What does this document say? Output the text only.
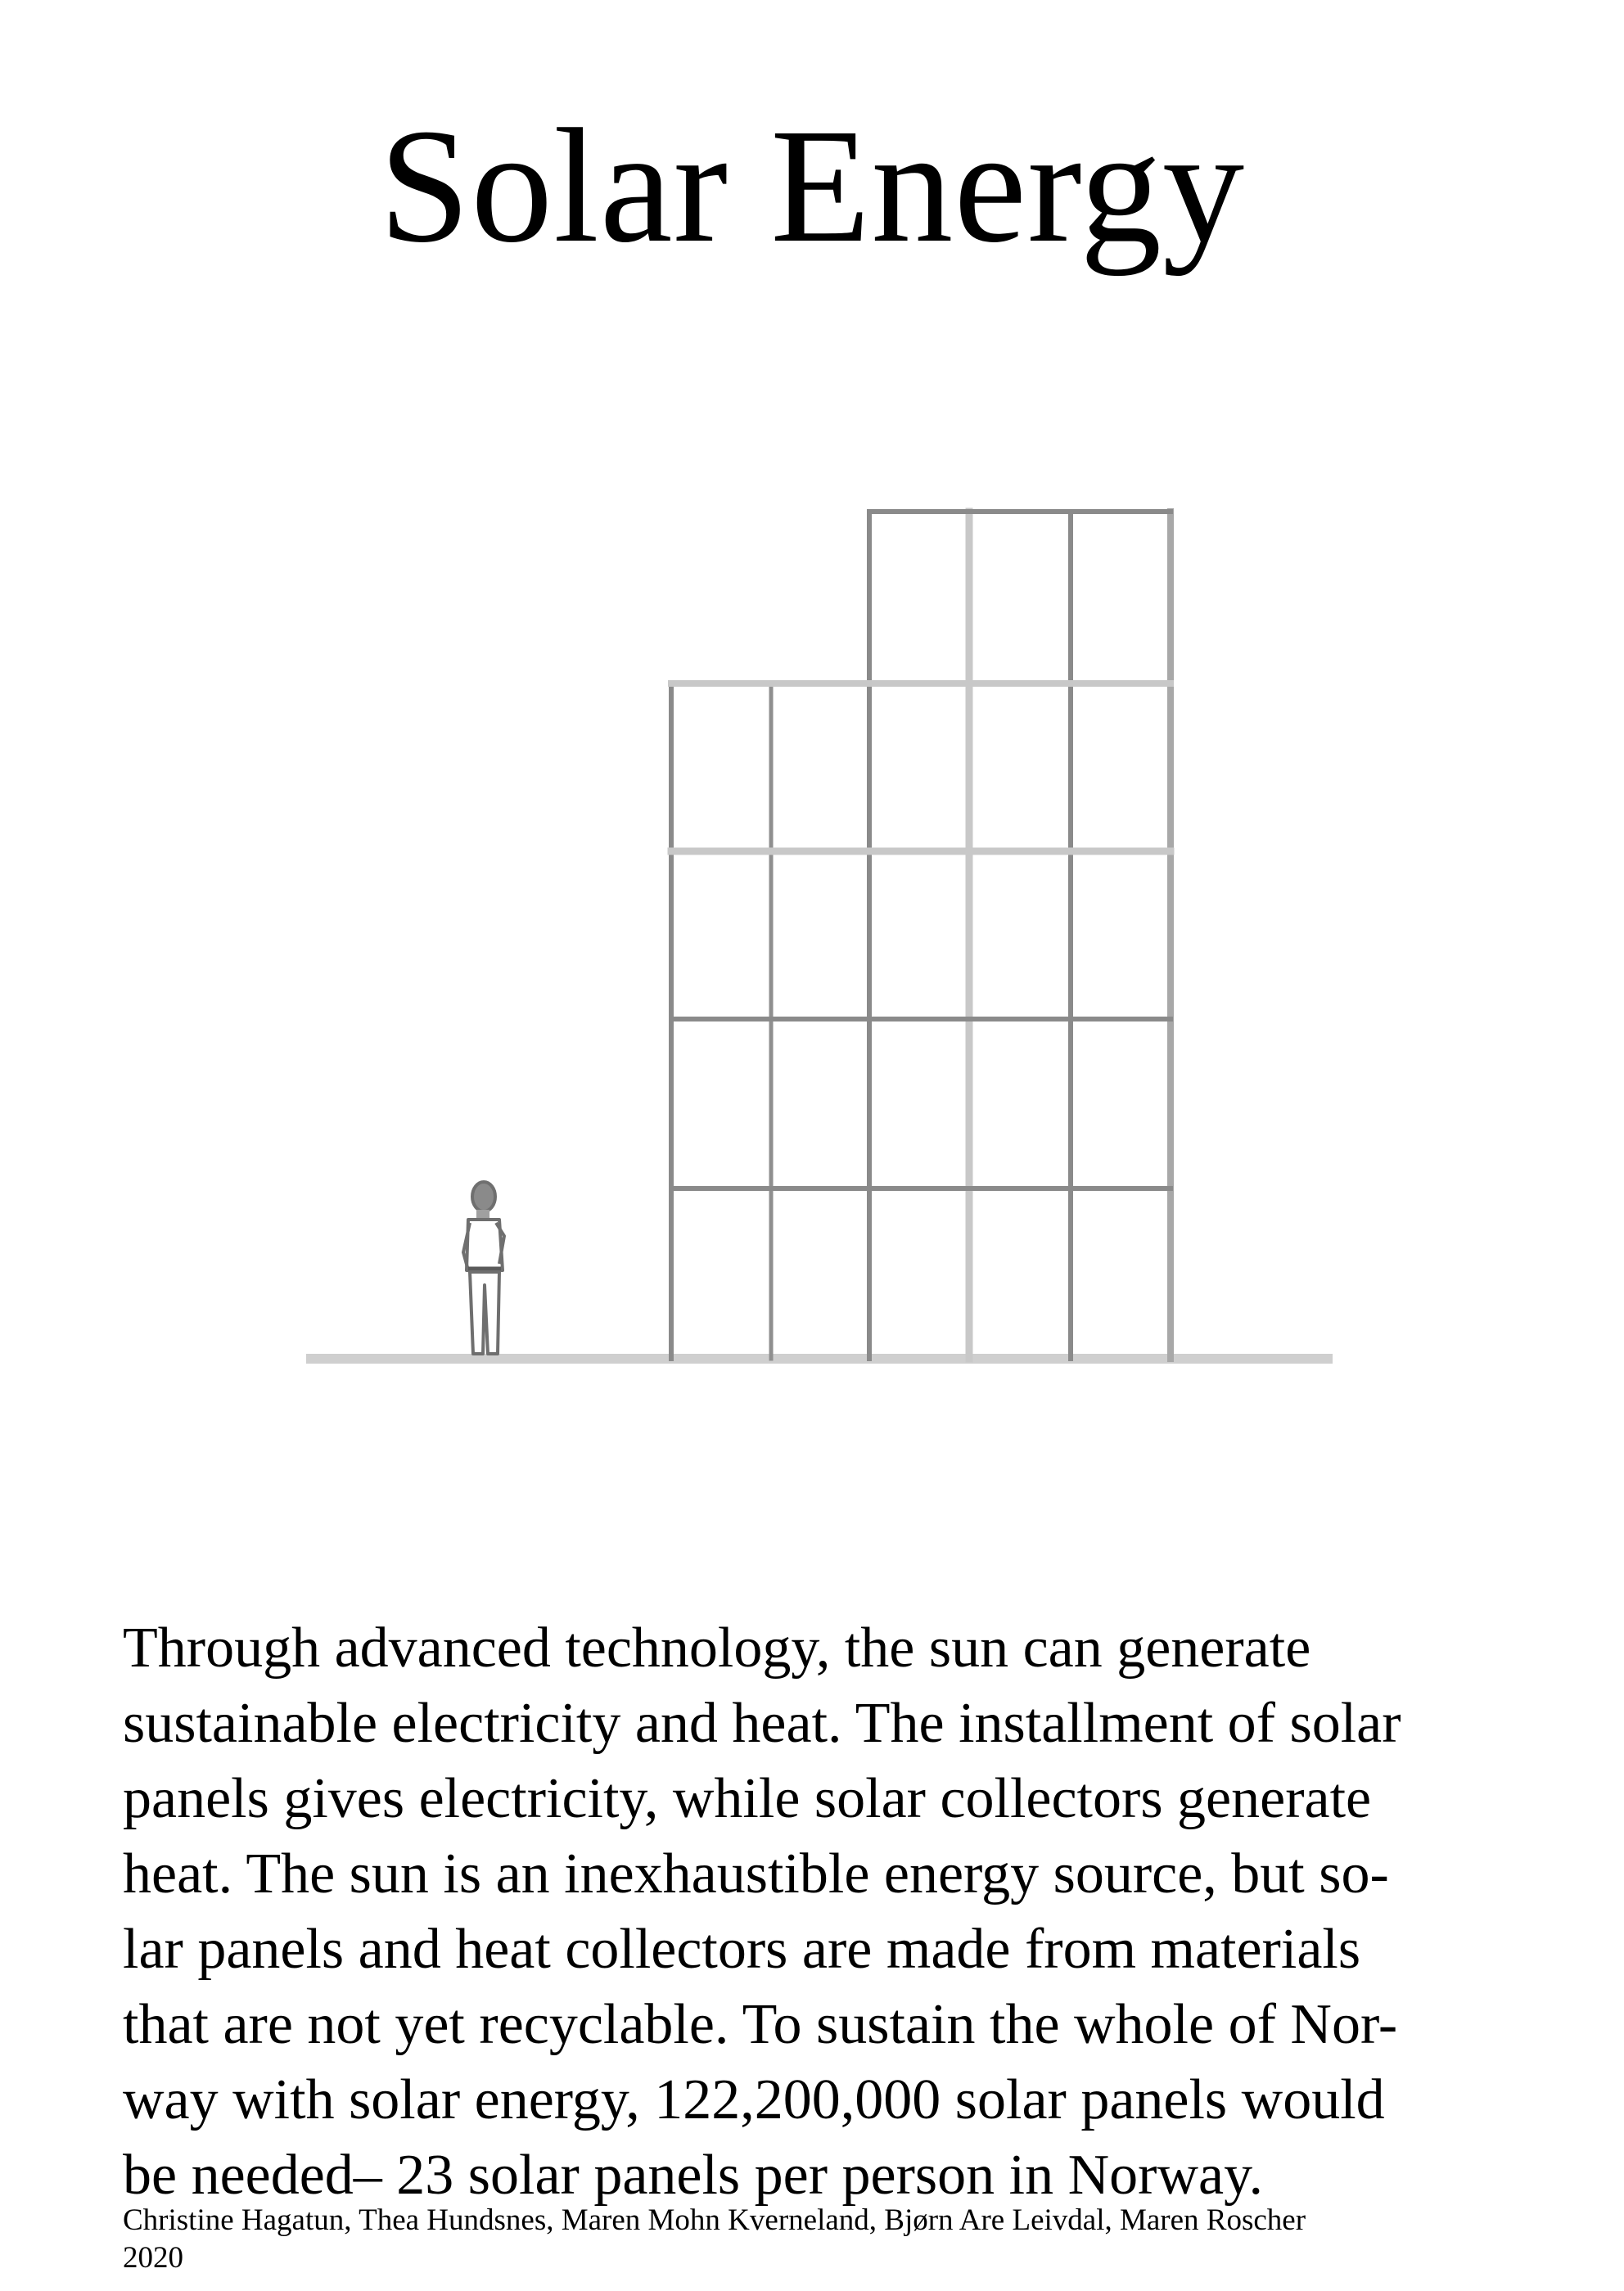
Solar Energy

Through advanced technology, the sun can generate
sustainable electricity and heat. The installment of solar
panels gives electricity, while solar collectors generate
heat. The sun is an inexhaustible energy source, but so-
lar panels and heat collectors are made from materials
that are not yet recyclable. To sustain the whole of Nor-
way with solar energy, 122,200,000 solar panels would
be needed– 23 solar panels per person in Norway.

Christine Hagatun, Thea Hundsnes, Maren Mohn Kverneland, Bjørn Are Leivdal, Maren Roscher
2020
